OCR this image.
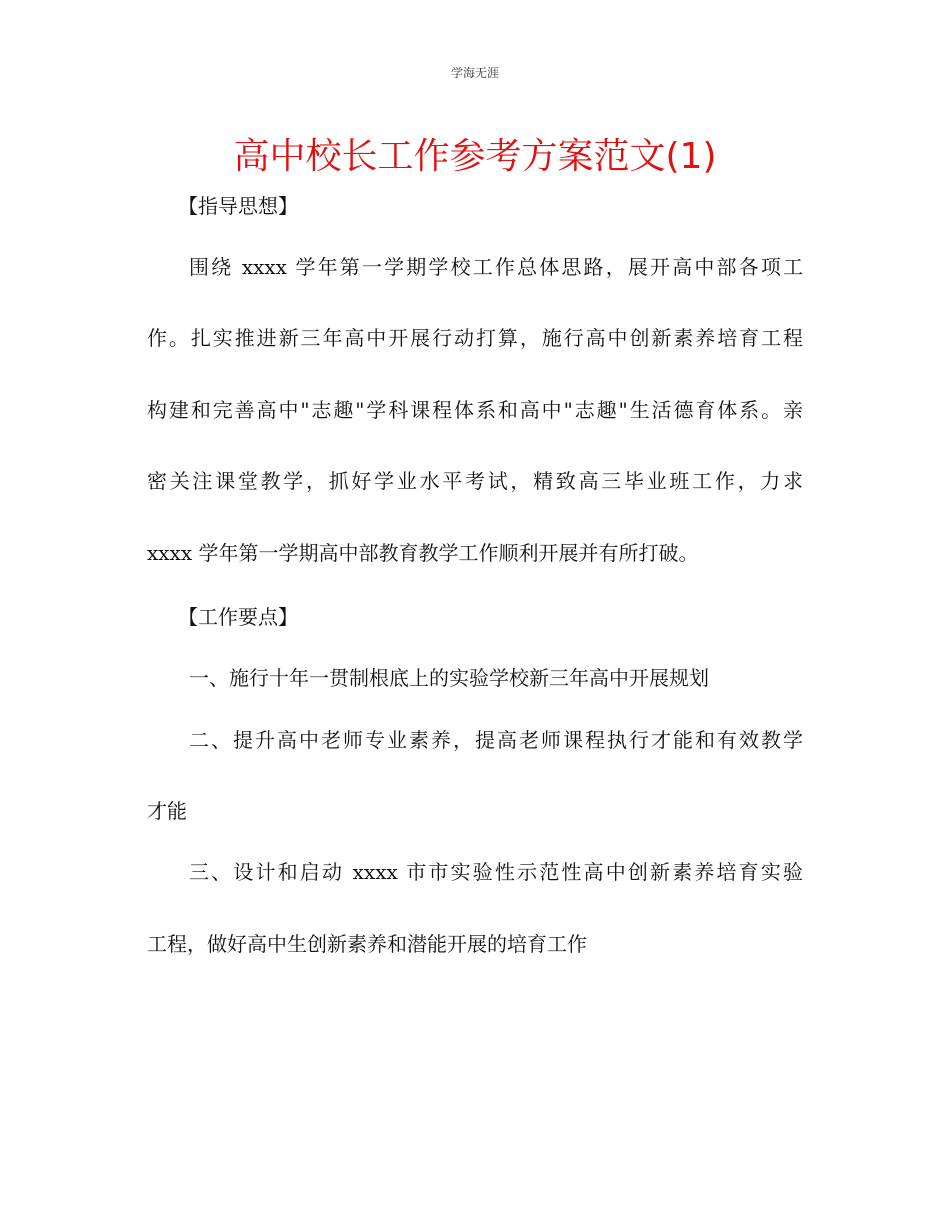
学海无涯
高中校长工作参考方案范文(1)

【指导思想】

围绕 xxxx 学年第一学期学校工作总体思路，展开高中部各项工

作。扎实推进新三年高中开展行动打算，施行高中创新素养培育工程

构建和完善高中"志趣"学科课程体系和高中"志趣"生活德育体系。亲

密关注课堂教学，抓好学业水平考试，精致高三毕业班工作，力求

xxxx 学年第一学期高中部教育教学工作顺利开展并有所打破。

【工作要点】

一、施行十年一贯制根底上的实验学校新三年高中开展规划

二、提升高中老师专业素养，提高老师课程执行才能和有效教学

才能

三、设计和启动 xxxx 市市实验性示范性高中创新素养培育实验

工程，做好高中生创新素养和潜能开展的培育工作
